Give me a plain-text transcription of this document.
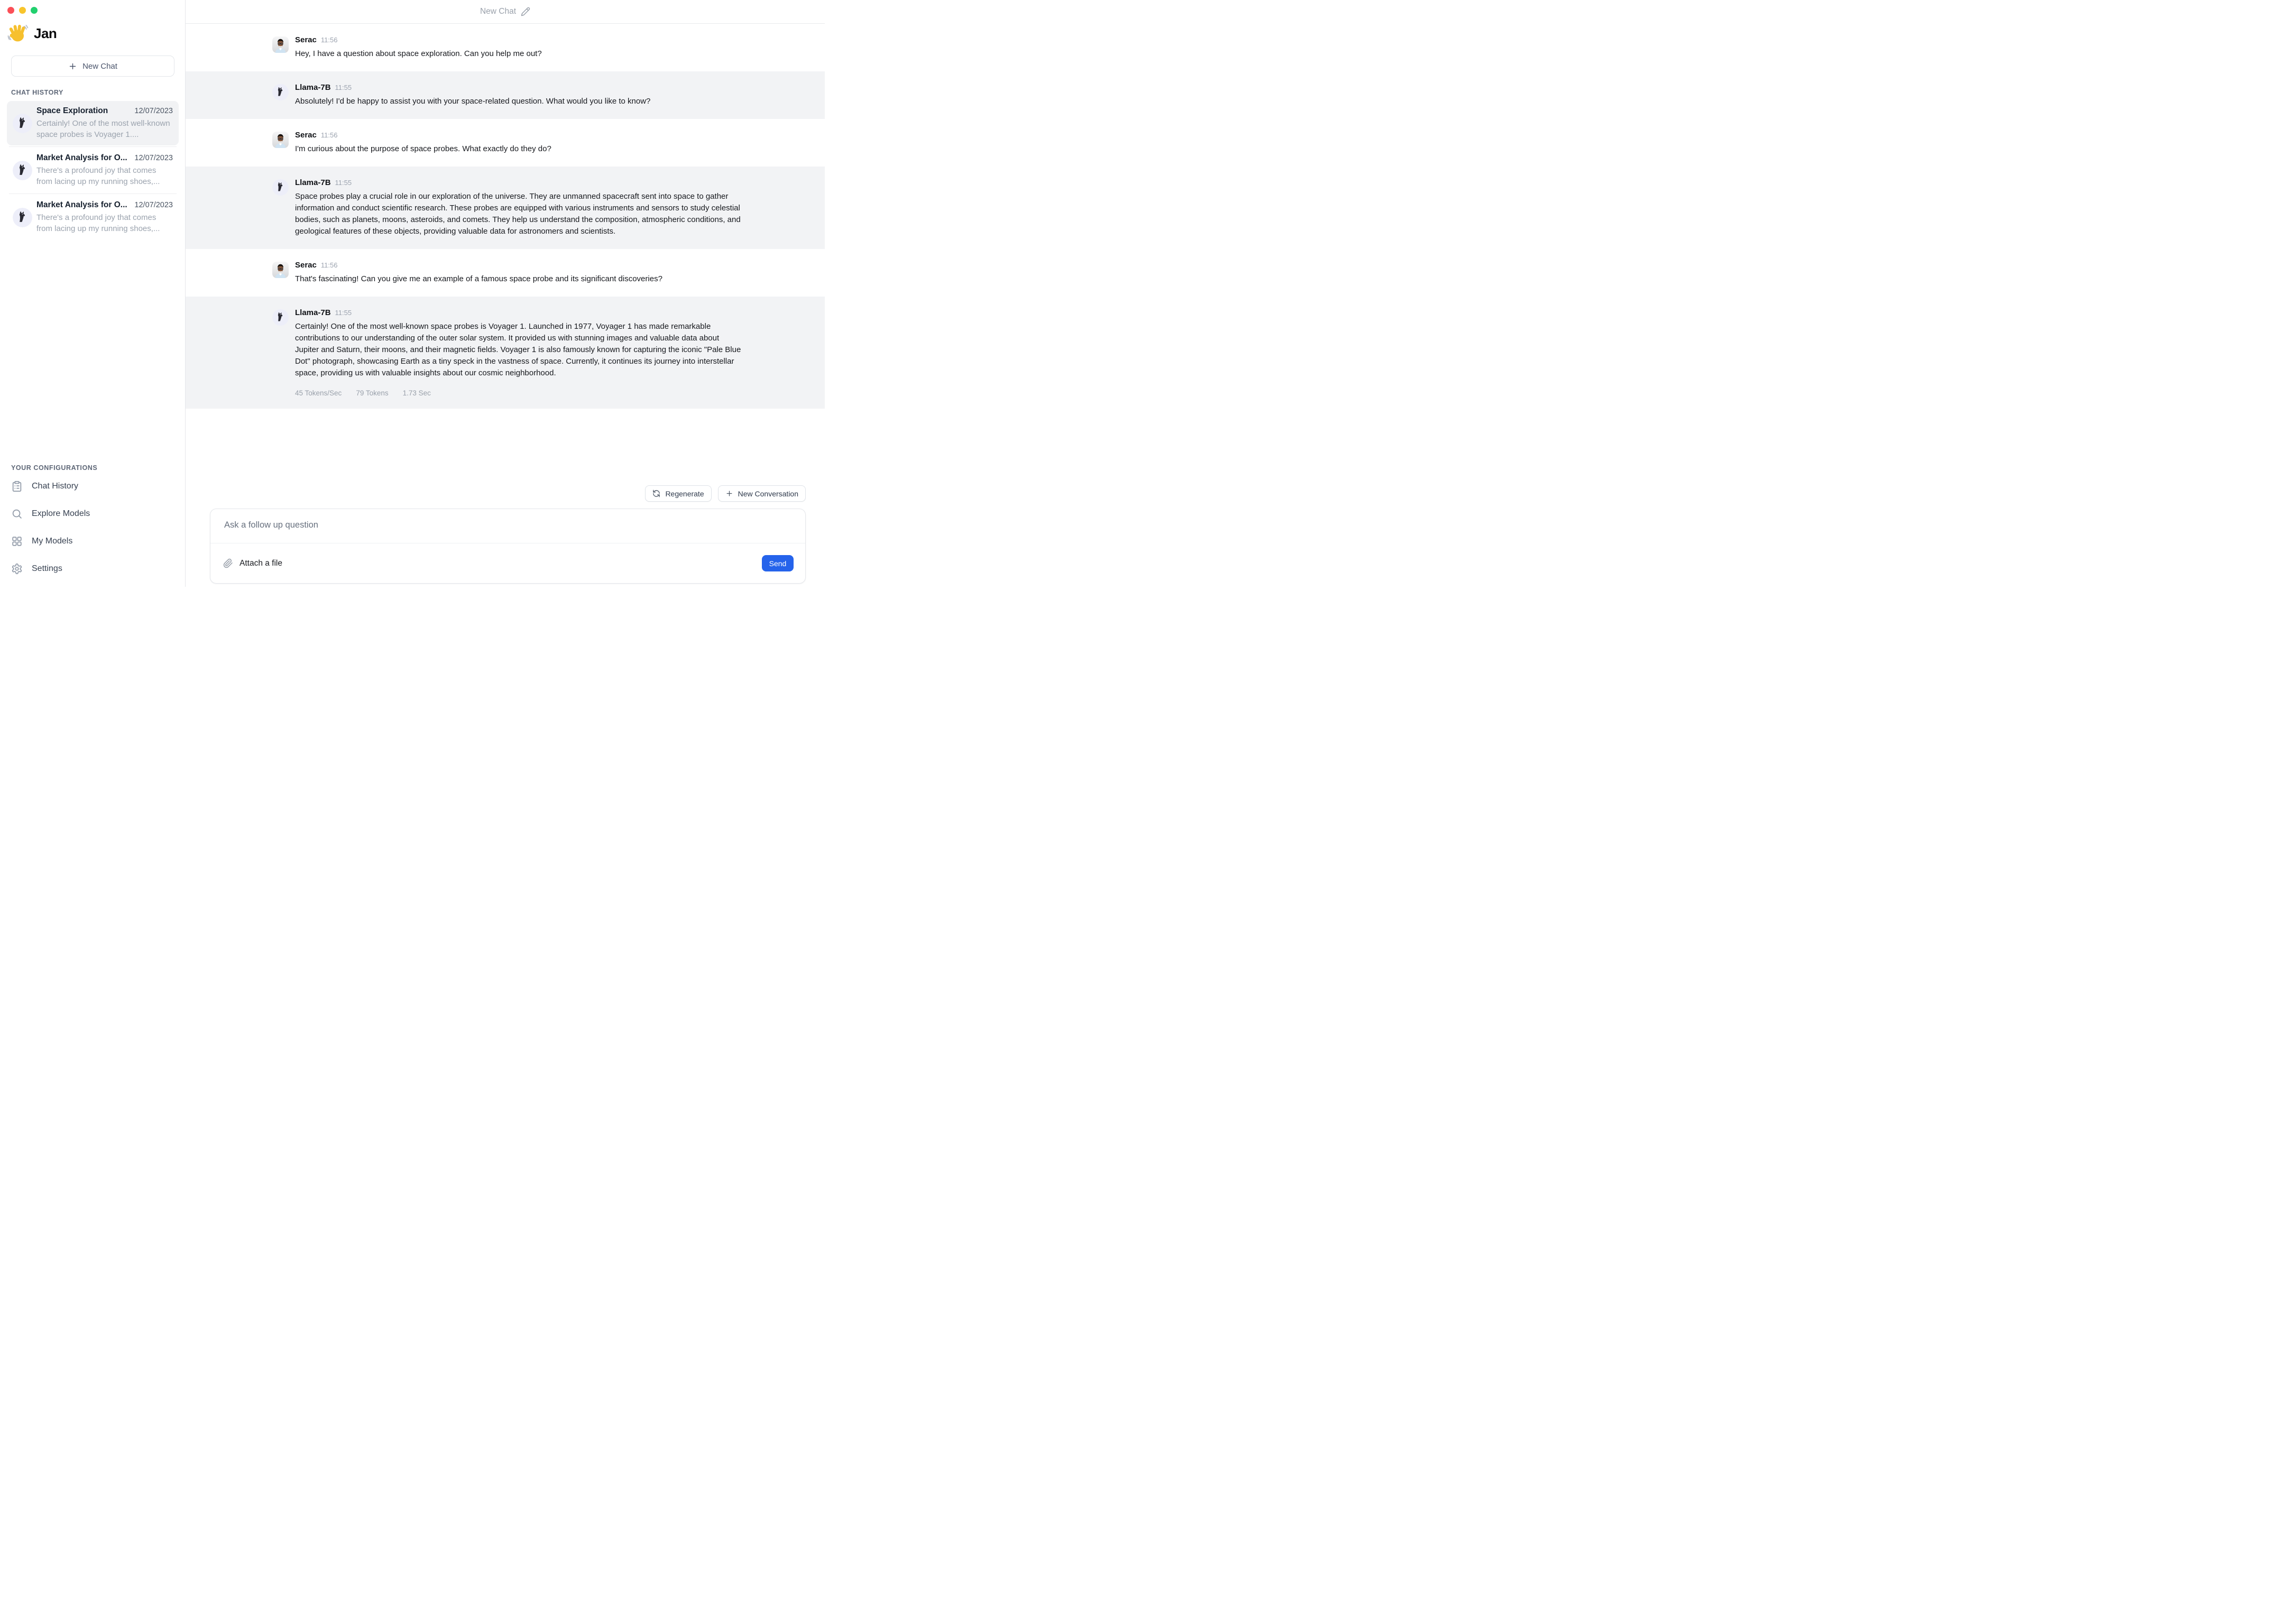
Jan
New Chat
CHAT HISTORY
Space Exploration	12/07/2023
Certainly! One of the most well-known space probes is Voyager 1....
Market Analysis for O... 12/07/2023
There's a profound joy that comes from lacing up my running shoes,...
Market Analysis for O... 12/07/2023
There's a profound joy that comes from lacing up my running shoes,...
YOUR CONFIGURATIONS
Chat History
Explore Models
My Models
Settings
New Chat
Serac 11:56
Hey, I have a question about space exploration. Can you help me out?
Llama-7B 11:55
Absolutely! I'd be happy to assist you with your space-related question. What would you like to know?
Serac 11:56
I'm curious about the purpose of space probes. What exactly do they do?
Llama-7B 11:55
Space probes play a crucial role in our exploration of the universe. They are unmanned spacecraft sent into space to gather information and conduct scientific research. These probes are equipped with various instruments and sensors to study celestial bodies, such as planets, moons, asteroids, and comets. They help us understand the composition, atmospheric conditions, and geological features of these objects, providing valuable data for astronomers and scientists.
Serac 11:56
That's fascinating! Can you give me an example of a famous space probe and its significant discoveries?
Llama-7B 11:55
Certainly! One of the most well-known space probes is Voyager 1. Launched in 1977, Voyager 1 has made remarkable contributions to our understanding of the outer solar system. It provided us with stunning images and valuable data about Jupiter and Saturn, their moons, and their magnetic fields. Voyager 1 is also famously known for capturing the iconic "Pale Blue Dot" photograph, showcasing Earth as a tiny speck in the vastness of space. Currently, it continues its journey into interstellar space, providing us with valuable insights about our cosmic neighborhood.
45 Tokens/Sec 79 Tokens 1.73 Sec
Regenerate	New Conversation
Ask a follow up question
Attach a file	Send
